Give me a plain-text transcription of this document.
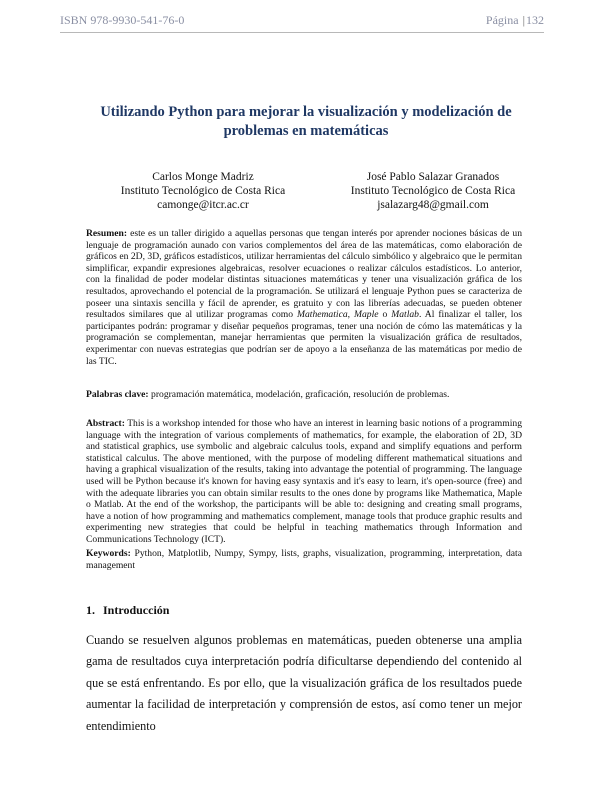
ISBN 978-9930-541-76-0	Página |132
Utilizando Python para mejorar la visualización y modelización de problemas en matemáticas
Carlos Monge Madriz
Instituto Tecnológico de Costa Rica
camonge@itcr.ac.cr
José Pablo Salazar Granados
Instituto Tecnológico de Costa Rica
jsalazarg48@gmail.com
Resumen: este es un taller dirigido a aquellas personas que tengan interés por aprender nociones básicas de un lenguaje de programación aunado con varios complementos del área de las matemáticas, como elaboración de gráficos en 2D, 3D, gráficos estadísticos, utilizar herramientas del cálculo simbólico y algebraico que le permitan simplificar, expandir expresiones algebraicas, resolver ecuaciones o realizar cálculos estadísticos. Lo anterior, con la finalidad de poder modelar distintas situaciones matemáticas y tener una visualización gráfica de los resultados, aprovechando el potencial de la programación. Se utilizará el lenguaje Python pues se caracteriza de poseer una sintaxis sencilla y fácil de aprender, es gratuito y con las librerías adecuadas, se pueden obtener resultados similares que al utilizar programas como Mathematica, Maple o Matlab. Al finalizar el taller, los participantes podrán: programar y diseñar pequeños programas, tener una noción de cómo las matemáticas y la programación se complementan, manejar herramientas que permiten la visualización gráfica de resultados, experimentar con nuevas estrategias que podrían ser de apoyo a la enseñanza de las matemáticas por medio de las TIC.
Palabras clave: programación matemática, modelación, graficación, resolución de problemas.
Abstract: This is a workshop intended for those who have an interest in learning basic notions of a programming language with the integration of various complements of mathematics, for example, the elaboration of 2D, 3D and statistical graphics, use symbolic and algebraic calculus tools, expand and simplify equations and perform statistical calculus. The above mentioned, with the purpose of modeling different mathematical situations and having a graphical visualization of the results, taking into advantage the potential of programming. The language used will be Python because it's known for having easy syntaxis and it's easy to learn, it's open-source (free) and with the adequate libraries you can obtain similar results to the ones done by programs like Mathematica, Maple o Matlab. At the end of the workshop, the participants will be able to: designing and creating small programs, have a notion of how programming and mathematics complement, manage tools that produce graphic results and experimenting new strategies that could be helpful in teaching mathematics through Information and Communications Technology (ICT).
Keywords: Python, Matplotlib, Numpy, Sympy, lists, graphs, visualization, programming, interpretation, data management
1. Introducción
Cuando se resuelven algunos problemas en matemáticas, pueden obtenerse una amplia gama de resultados cuya interpretación podría dificultarse dependiendo del contenido al que se está enfrentando. Es por ello, que la visualización gráfica de los resultados puede aumentar la facilidad de interpretación y comprensión de estos, así como tener un mejor entendimiento
